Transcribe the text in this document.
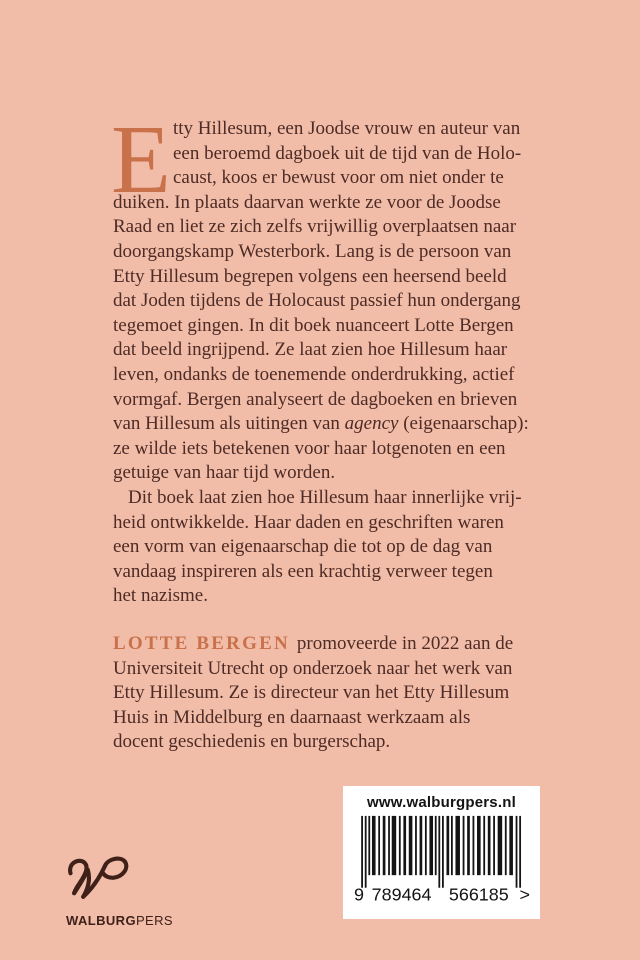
E tty Hillesum, een Joodse vrouw en auteur van
een beroemd dagboek uit de tijd van de Holo-
caust, koos er bewust voor om niet onder te
duiken. In plaats daarvan werkte ze voor de Joodse
Raad en liet ze zich zelfs vrijwillig overplaatsen naar
doorgangskamp Westerbork. Lang is de persoon van
Etty Hillesum begrepen volgens een heersend beeld
dat Joden tijdens de Holocaust passief hun ondergang
tegemoet gingen. In dit boek nuanceert Lotte Bergen
dat beeld ingrijpend. Ze laat zien hoe Hillesum haar
leven, ondanks de toenemende onderdrukking, actief
vormgaf. Bergen analyseert de dagboeken en brieven
van Hillesum als uitingen van agency (eigenaarschap):
ze wilde iets betekenen voor haar lotgenoten en een
getuige van haar tijd worden.
Dit boek laat zien hoe Hillesum haar innerlijke vrij-
heid ontwikkelde. Haar daden en geschriften waren
een vorm van eigenaarschap die tot op de dag van
vandaag inspireren als een krachtig verweer tegen
het nazisme.
LOTTE BERGEN promoveerde in 2022 aan de
Universiteit Utrecht op onderzoek naar het werk van
Etty Hillesum. Ze is directeur van het Etty Hillesum
Huis in Middelburg en daarnaast werkzaam als
docent geschiedenis en burgerschap.
WALBURGPERS
www.walburgpers.nl
9 789464 566185 >
